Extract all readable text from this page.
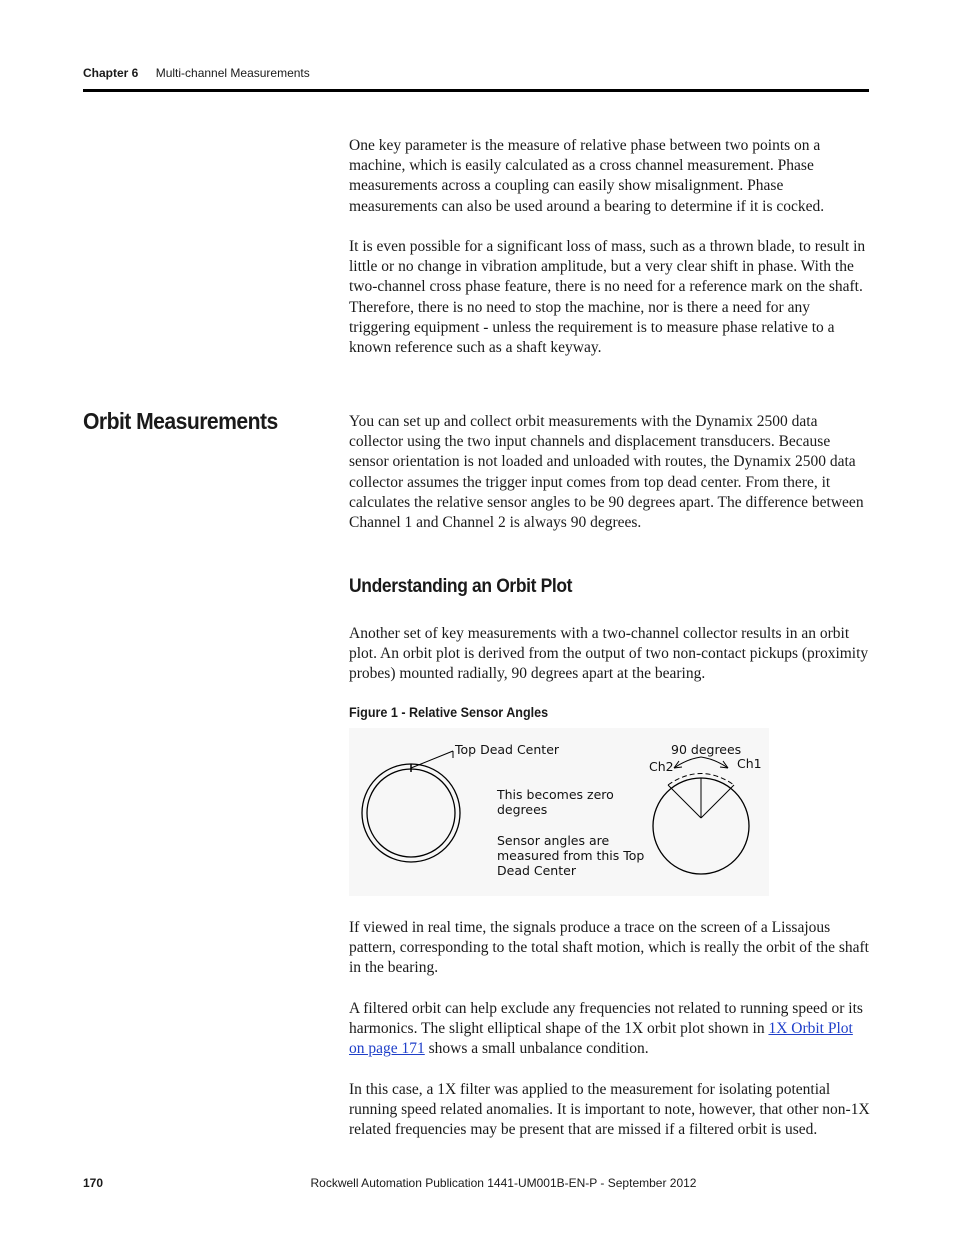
Chapter 6 Multi-channel Measurements

One key parameter is the measure of relative phase between two points on a machine, which is easily calculated as a cross channel measurement. Phase measurements across a coupling can easily show misalignment. Phase measurements can also be used around a bearing to determine if it is cocked.

It is even possible for a significant loss of mass, such as a thrown blade, to result in little or no change in vibration amplitude, but a very clear shift in phase. With the two-channel cross phase feature, there is no need for a reference mark on the shaft. Therefore, there is no need to stop the machine, nor is there a need for any triggering equipment - unless the requirement is to measure phase relative to a known reference such as a shaft keyway.

Orbit Measurements	You can set up and collect orbit measurements with the Dynamix 2500 data collector using the two input channels and displacement transducers. Because sensor orientation is not loaded and unloaded with routes, the Dynamix 2500 data collector assumes the trigger input comes from top dead center. From there, it calculates the relative sensor angles to be 90 degrees apart. The difference between Channel 1 and Channel 2 is always 90 degrees.

Understanding an Orbit Plot

Another set of key measurements with a two-channel collector results in an orbit plot. An orbit plot is derived from the output of two non-contact pickups (proximity probes) mounted radially, 90 degrees apart at the bearing.

Figure 1 - Relative Sensor Angles

Top Dead Center
This becomes zero
degrees
Sensor angles are
measured from this Top
Dead Center
90 degrees
Ch2	Ch1

If viewed in real time, the signals produce a trace on the screen of a Lissajous pattern, corresponding to the total shaft motion, which is really the orbit of the shaft in the bearing.

A filtered orbit can help exclude any frequencies not related to running speed or its harmonics. The slight elliptical shape of the 1X orbit plot shown in 1X Orbit Plot on page 171 shows a small unbalance condition.

In this case, a 1X filter was applied to the measurement for isolating potential running speed related anomalies. It is important to note, however, that other non-1X related frequencies may be present that are missed if a filtered orbit is used.

170	Rockwell Automation Publication 1441-UM001B-EN-P - September 2012
